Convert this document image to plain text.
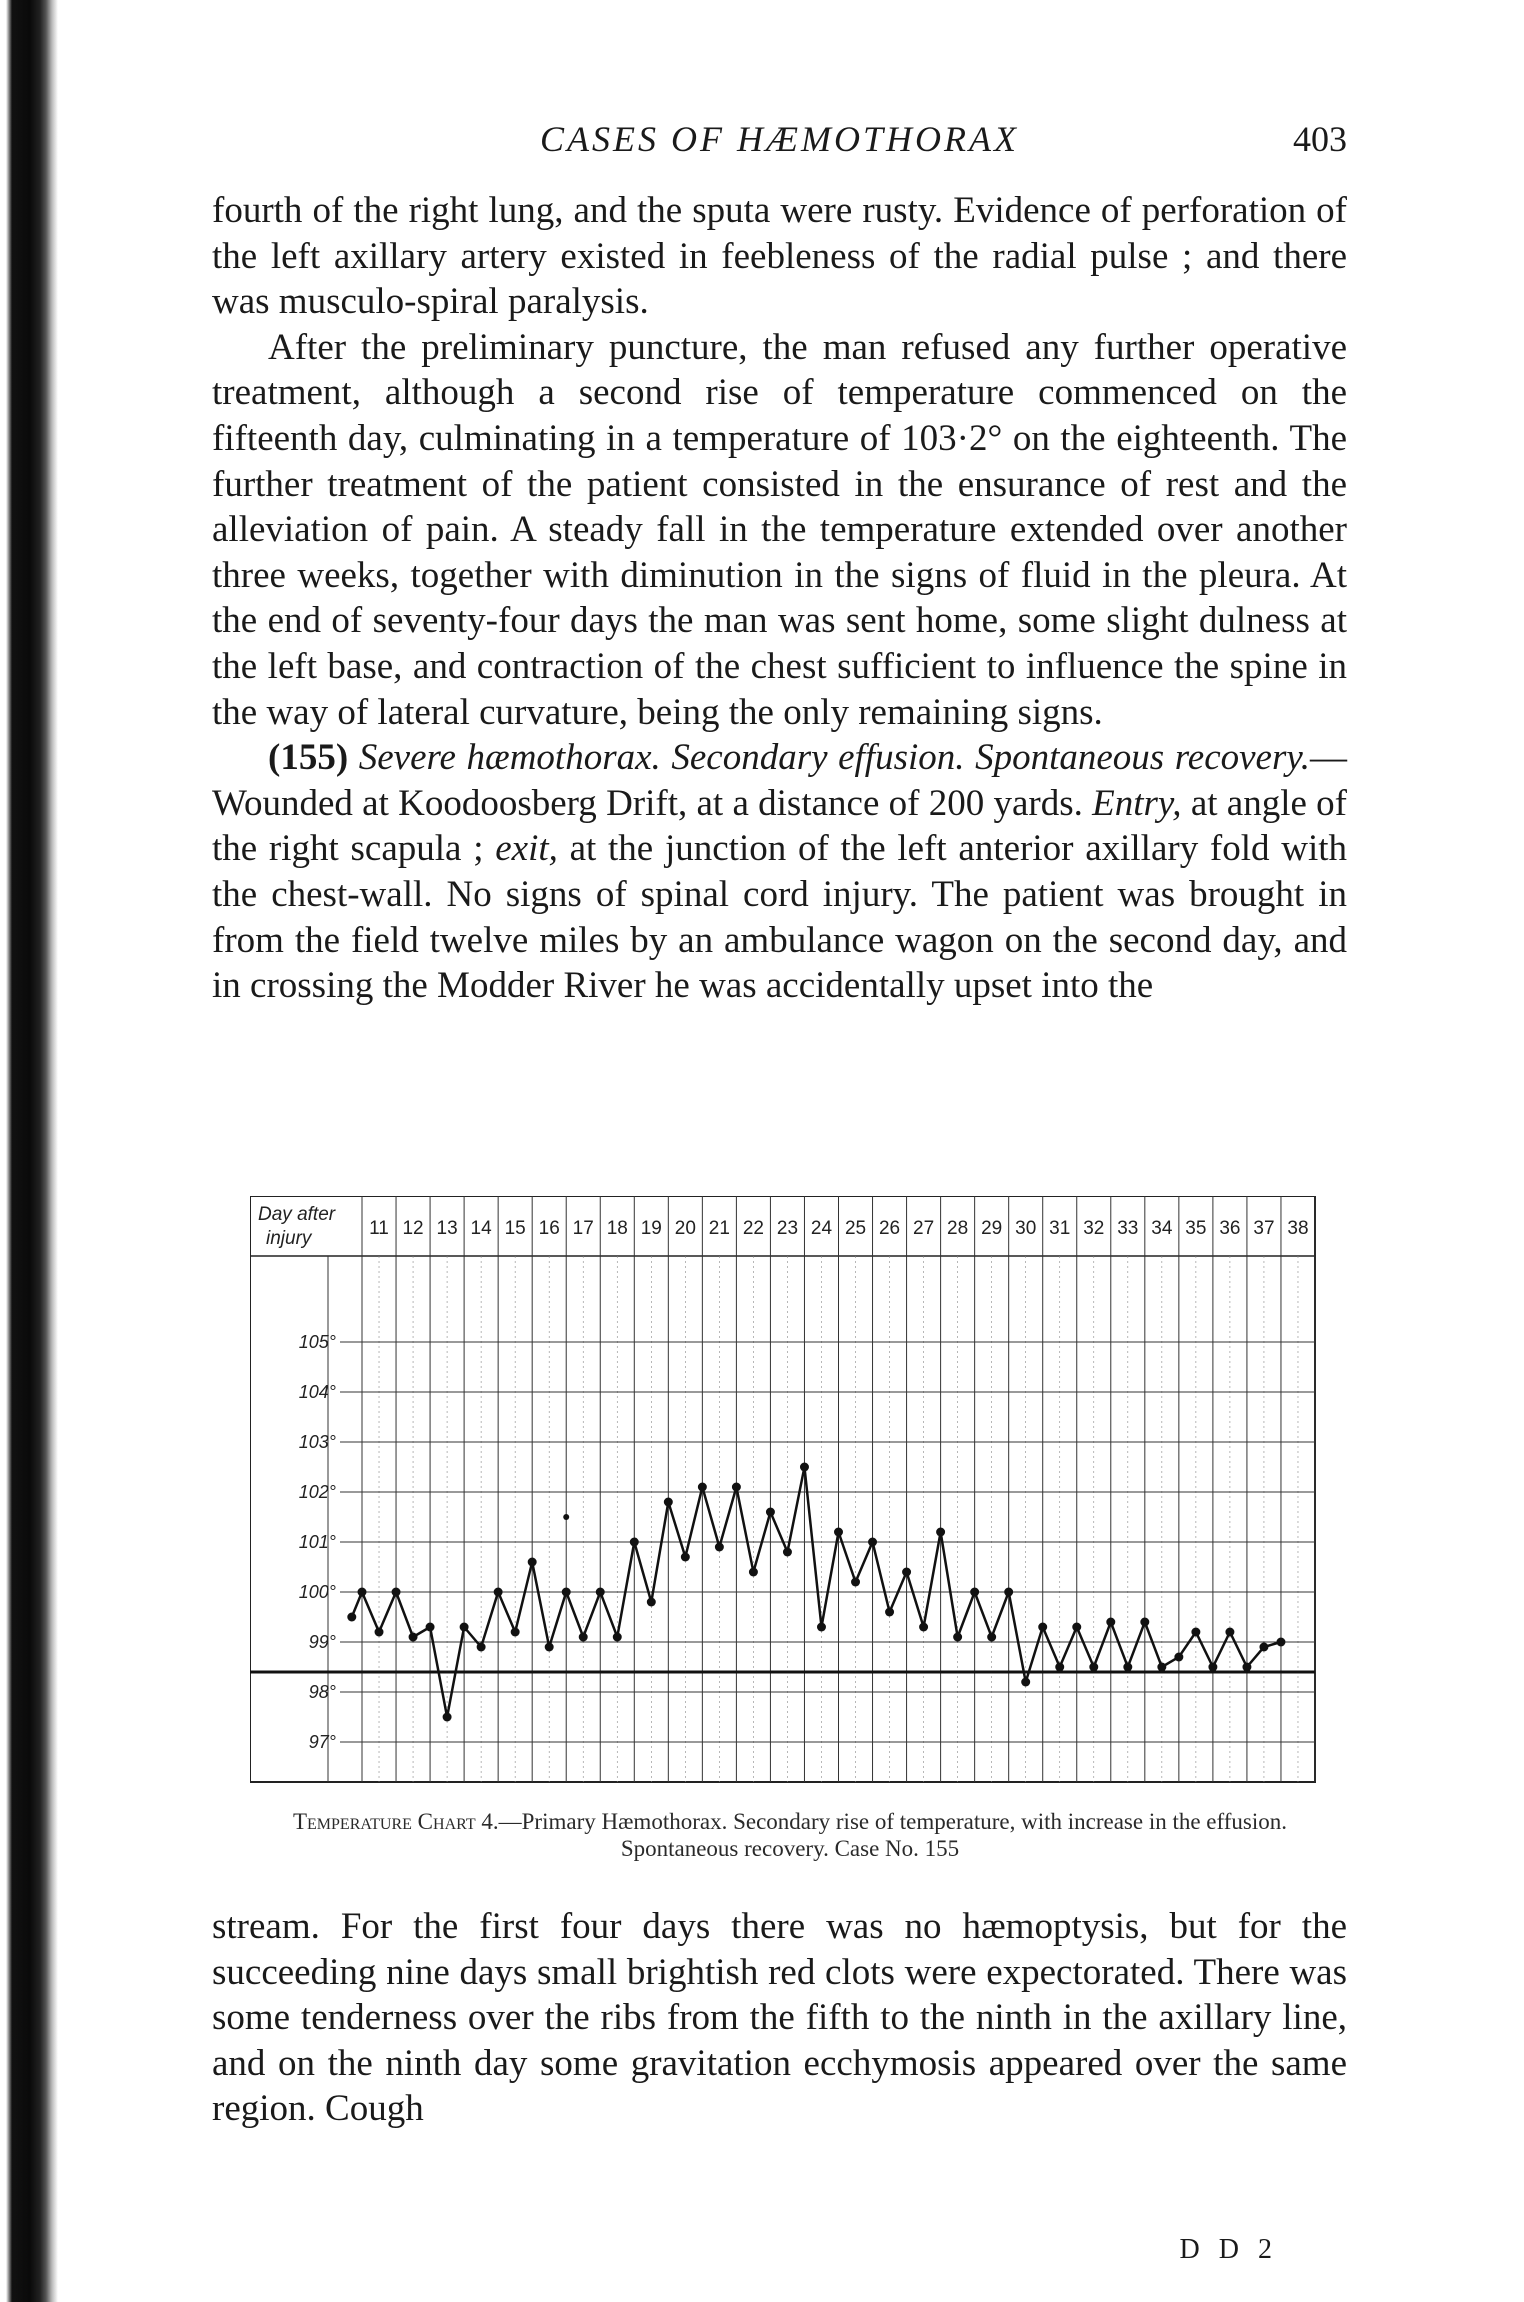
CASES OF HÆMOTHORAX	403

fourth of the right lung, and the sputa were rusty. Evidence of perforation of the left axillary artery existed in feebleness of the radial pulse ; and there was musculo-spiral paralysis.

After the preliminary puncture, the man refused any further operative treatment, although a second rise of temperature commenced on the fifteenth day, culminating in a temperature of 103·2° on the eighteenth. The further treatment of the patient consisted in the ensurance of rest and the alleviation of pain. A steady fall in the temperature extended over another three weeks, together with diminution in the signs of fluid in the pleura. At the end of seventy-four days the man was sent home, some slight dulness at the left base, and contraction of the chest sufficient to influence the spine in the way of lateral curvature, being the only remaining signs.

(155) Severe hæmothorax. Secondary effusion. Spontaneous recovery.—Wounded at Koodoosberg Drift, at a distance of 200 yards. Entry, at angle of the right scapula ; exit, at the junction of the left anterior axillary fold with the chest-wall. No signs of spinal cord injury. The patient was brought in from the field twelve miles by an ambulance wagon on the second day, and in crossing the Modder River he was accidentally upset into the

Day after
injury	11 12 13 14 15 16 17 18 19 20 21 22 23 24 25 26 27 28 29 30 31 32 33 34 35 36 37 38
105°
104°
103°
102°
101°
100°
99°
98°
97°
Temperature Chart 4.—Primary Hæmothorax. Secondary rise of temperature, with increase in the effusion. Spontaneous recovery. Case No. 155

stream. For the first four days there was no hæmoptysis, but for the succeeding nine days small brightish red clots were expectorated. There was some tenderness over the ribs from the fifth to the ninth in the axillary line, and on the ninth day some gravitation ecchymosis appeared over the same region. Cough

D D 2
